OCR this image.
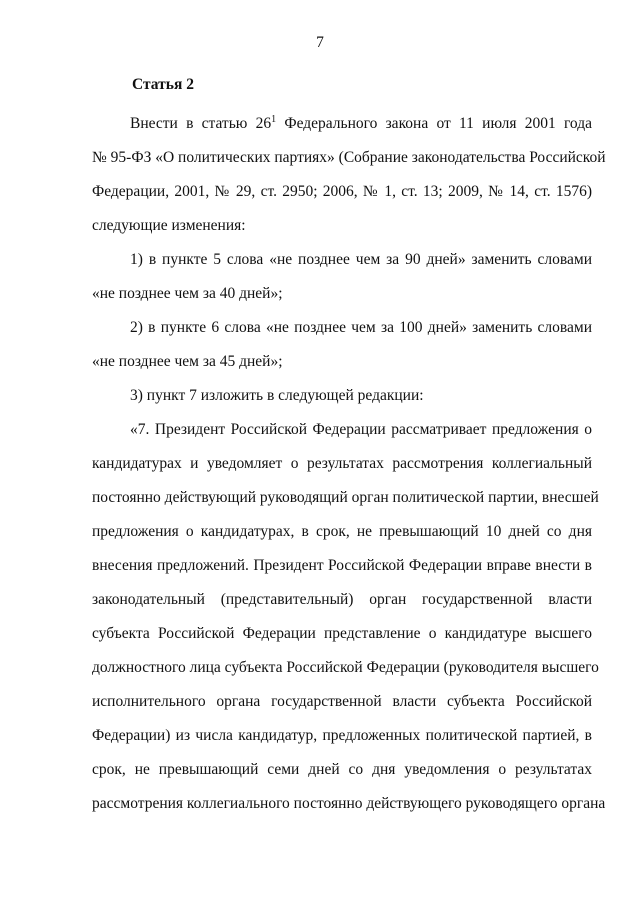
7
Статья 2
Внести в статью $26^1$ Федерального закона от 11 июля 2001 года
№ 95-ФЗ «О политических партиях» (Собрание законодательства Российской
Федерации, 2001, № 29, ст. 2950; 2006, № 1, ст. 13; 2009, № 14, ст. 1576)
следующие изменения:
1) в пункте 5 слова «не позднее чем за 90 дней» заменить словами
«не позднее чем за 40 дней»;
2) в пункте 6 слова «не позднее чем за 100 дней» заменить словами
«не позднее чем за 45 дней»;
3) пункт 7 изложить в следующей редакции:
«7. Президент Российской Федерации рассматривает предложения о
кандидатурах и уведомляет о результатах рассмотрения коллегиальный
постоянно действующий руководящий орган политической партии, внесшей
предложения о кандидатурах, в срок, не превышающий 10 дней со дня
внесения предложений. Президент Российской Федерации вправе внести в
законодательный (представительный) орган государственной власти
субъекта Российской Федерации представление о кандидатуре высшего
должностного лица субъекта Российской Федерации (руководителя высшего
исполнительного органа государственной власти субъекта Российской
Федерации) из числа кандидатур, предложенных политической партией, в
срок, не превышающий семи дней со дня уведомления о результатах
рассмотрения коллегиального постоянно действующего руководящего органа
